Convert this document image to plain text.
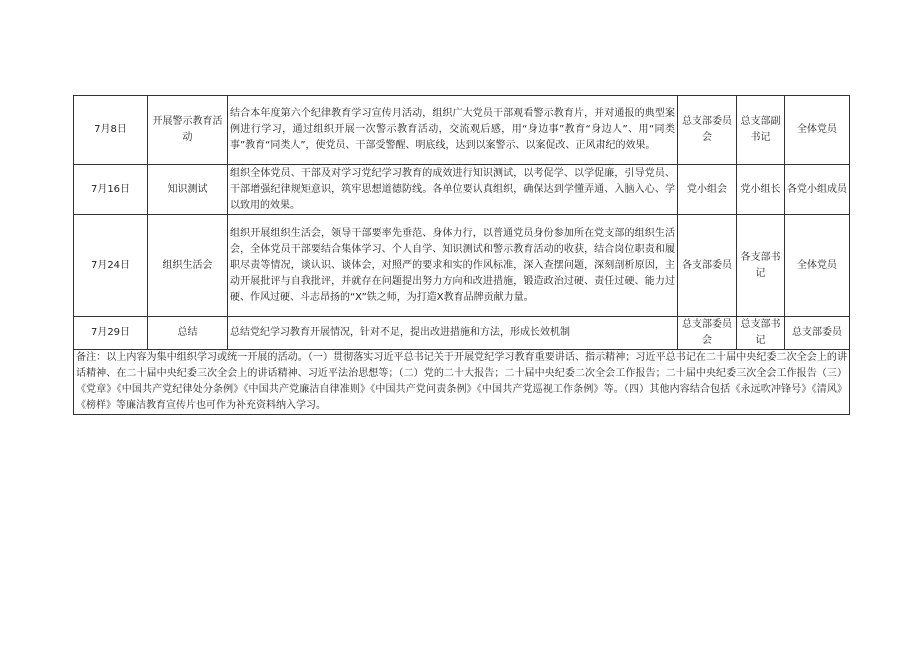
7月8日	开展警示教育活动	结合本年度第六个纪律教育学习宣传月活动，组织广大党员干部观看警示教育片，并对通报的典型案例进行学习，通过组织开展一次警示教育活动，交流观后感，用“身边事”教育“身边人”、用“同类事”教育“同类人”，使党员、干部受警醒、明底线，达到以案警示、以案促改、正风肃纪的效果。	总支部委员会	总支部副书记	全体党员
7月16日	知识测试	组织全体党员、干部及对学习党纪学习教育的成效进行知识测试，以考促学、以学促廉，引导党员、干部增强纪律规矩意识，筑牢思想道德防线。各单位要认真组织，确保达到学懂弄通、入脑入心、学以致用的效果。	党小组会	党小组长	各党小组成员
7月24日	组织生活会	组织开展组织生活会，领导干部要率先垂范、身体力行，以普通党员身份参加所在党支部的组织生活会，全体党员干部要结合集体学习、个人自学、知识测试和警示教育活动的收获，结合岗位职责和履职尽责等情况，谈认识、谈体会，对照严的要求和实的作风标准，深入查摆问题，深刻剖析原因，主动开展批评与自我批评，并就存在问题提出努力方向和改进措施，锻造政治过硬、责任过硬、能力过硬、作风过硬、斗志昂扬的“X”铁之师，为打造X教育品牌贡献力量。	各支部委员	各支部书记	全体党员
7月29日	总结	总结党纪学习教育开展情况，针对不足，提出改进措施和方法，形成长效机制	总支部委员会	总支部书记	总支部委员
备注：以上内容为集中组织学习或统一开展的活动。（一）贯彻落实习近平总书记关于开展党纪学习教育重要讲话、指示精神；习近平总书记在二十届中央纪委二次全会上的讲话精神、在二十届中央纪委三次全会上的讲话精神、习近平法治思想等；（二）党的二十大报告；二十届中央纪委二次全会工作报告；二十届中央纪委三次全会工作报告（三）《党章》《中国共产党纪律处分条例》《中国共产党廉洁自律准则》《中国共产党问责条例》《中国共产党巡视工作条例》等。（四）其他内容结合包括《永远吹冲锋号》《清风》《榜样》等廉洁教育宣传片也可作为补充资料纳入学习。					
